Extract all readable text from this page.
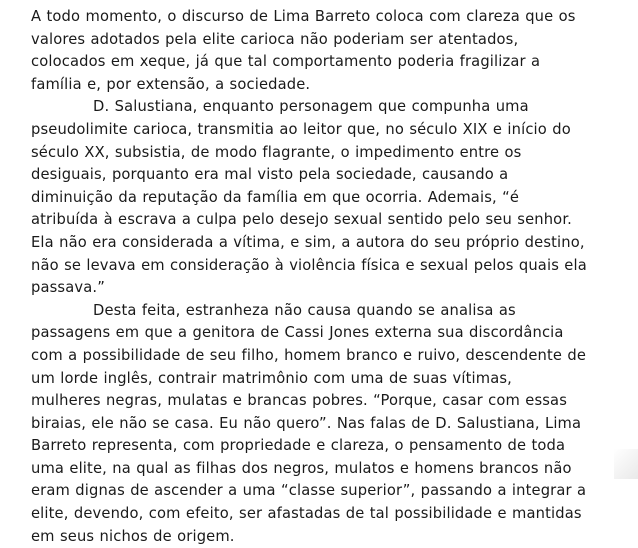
A todo momento, o discurso de Lima Barreto coloca com clareza que os
valores adotados pela elite carioca não poderiam ser atentados,
colocados em xeque, já que tal comportamento poderia fragilizar a
família e, por extensão, a sociedade.
D. Salustiana, enquanto personagem que compunha uma
pseudolimite carioca, transmitia ao leitor que, no século XIX e início do
século XX, subsistia, de modo flagrante, o impedimento entre os
desiguais, porquanto era mal visto pela sociedade, causando a
diminuição da reputação da família em que ocorria. Ademais, “é
atribuída à escrava a culpa pelo desejo sexual sentido pelo seu senhor.
Ela não era considerada a vítima, e sim, a autora do seu próprio destino,
não se levava em consideração à violência física e sexual pelos quais ela
passava.”
Desta feita, estranheza não causa quando se analisa as
passagens em que a genitora de Cassi Jones externa sua discordância
com a possibilidade de seu filho, homem branco e ruivo, descendente de
um lorde inglês, contrair matrimônio com uma de suas vítimas,
mulheres negras, mulatas e brancas pobres. “Porque, casar com essas
biraias, ele não se casa. Eu não quero”. Nas falas de D. Salustiana, Lima
Barreto representa, com propriedade e clareza, o pensamento de toda
uma elite, na qual as filhas dos negros, mulatos e homens brancos não
eram dignas de ascender a uma “classe superior”, passando a integrar a
elite, devendo, com efeito, ser afastadas de tal possibilidade e mantidas
em seus nichos de origem.
